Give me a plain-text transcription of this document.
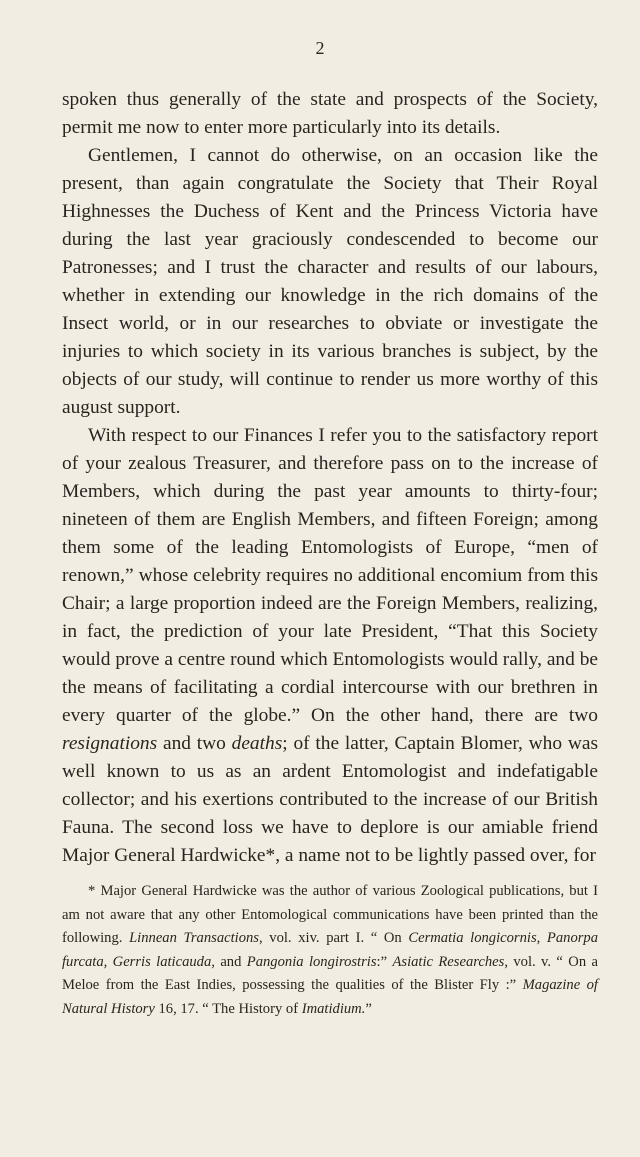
2

spoken thus generally of the state and prospects of the Society, permit me now to enter more particularly into its details.

Gentlemen, I cannot do otherwise, on an occasion like the present, than again congratulate the Society that Their Royal Highnesses the Duchess of Kent and the Princess Victoria have during the last year graciously condescended to become our Patronesses; and I trust the character and results of our labours, whether in extending our knowledge in the rich domains of the Insect world, or in our researches to obviate or investigate the injuries to which society in its various branches is subject, by the objects of our study, will continue to render us more worthy of this august support.

With respect to our Finances I refer you to the satisfactory report of your zealous Treasurer, and therefore pass on to the increase of Members, which during the past year amounts to thirty-four; nineteen of them are English Members, and fifteen Foreign; among them some of the leading Entomologists of Europe, “men of renown,” whose celebrity requires no additional encomium from this Chair; a large proportion indeed are the Foreign Members, realizing, in fact, the prediction of your late President, “That this Society would prove a centre round which Entomologists would rally, and be the means of facilitating a cordial intercourse with our brethren in every quarter of the globe.” On the other hand, there are two resignations and two deaths; of the latter, Captain Blomer, who was well known to us as an ardent Entomologist and indefatigable collector; and his exertions contributed to the increase of our British Fauna. The second loss we have to deplore is our amiable friend Major General Hardwicke*, a name not to be lightly passed over, for

* Major General Hardwicke was the author of various Zoological publications, but I am not aware that any other Entomological communications have been printed than the following. Linnean Transactions, vol. xiv. part I. “ On Cermatia longicornis, Panorpa furcata, Gerris laticauda, and Pangonia longirostris:” Asiatic Researches, vol. v. “ On a Meloe from the East Indies, possessing the qualities of the Blister Fly :” Magazine of Natural History 16, 17. “ The History of Imatidium.”
